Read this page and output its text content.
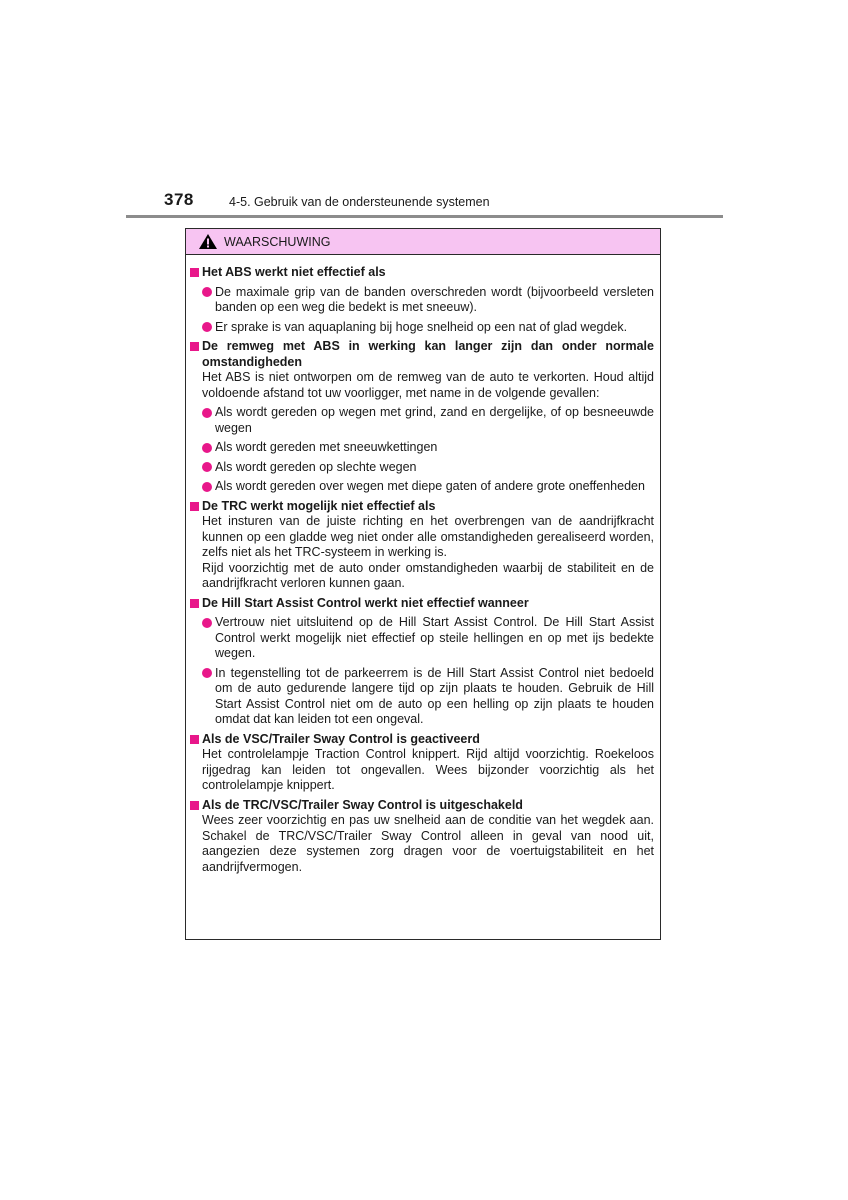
378	4-5. Gebruik van de ondersteunende systemen
WAARSCHUWING
Het ABS werkt niet effectief als
De maximale grip van de banden overschreden wordt (bijvoorbeeld versleten banden op een weg die bedekt is met sneeuw).
Er sprake is van aquaplaning bij hoge snelheid op een nat of glad wegdek.
De remweg met ABS in werking kan langer zijn dan onder normale omstandigheden
Het ABS is niet ontworpen om de remweg van de auto te verkorten. Houd altijd voldoende afstand tot uw voorligger, met name in de volgende gevallen:
Als wordt gereden op wegen met grind, zand en dergelijke, of op besneeuwde wegen
Als wordt gereden met sneeuwkettingen
Als wordt gereden op slechte wegen
Als wordt gereden over wegen met diepe gaten of andere grote oneffenheden
De TRC werkt mogelijk niet effectief als
Het insturen van de juiste richting en het overbrengen van de aandrijfkracht kunnen op een gladde weg niet onder alle omstandigheden gerealiseerd worden, zelfs niet als het TRC-systeem in werking is.
Rijd voorzichtig met de auto onder omstandigheden waarbij de stabiliteit en de aandrijfkracht verloren kunnen gaan.
De Hill Start Assist Control werkt niet effectief wanneer
Vertrouw niet uitsluitend op de Hill Start Assist Control. De Hill Start Assist Control werkt mogelijk niet effectief op steile hellingen en op met ijs bedekte wegen.
In tegenstelling tot de parkeerrem is de Hill Start Assist Control niet bedoeld om de auto gedurende langere tijd op zijn plaats te houden. Gebruik de Hill Start Assist Control niet om de auto op een helling op zijn plaats te houden omdat dat kan leiden tot een ongeval.
Als de VSC/Trailer Sway Control is geactiveerd
Het controlelampje Traction Control knippert. Rijd altijd voorzichtig. Roekeloos rijgedrag kan leiden tot ongevallen. Wees bijzonder voorzichtig als het controlelampje knippert.
Als de TRC/VSC/Trailer Sway Control is uitgeschakeld
Wees zeer voorzichtig en pas uw snelheid aan de conditie van het wegdek aan. Schakel de TRC/VSC/Trailer Sway Control alleen in geval van nood uit, aangezien deze systemen zorg dragen voor de voertuigstabiliteit en het aandrijfvermogen.
